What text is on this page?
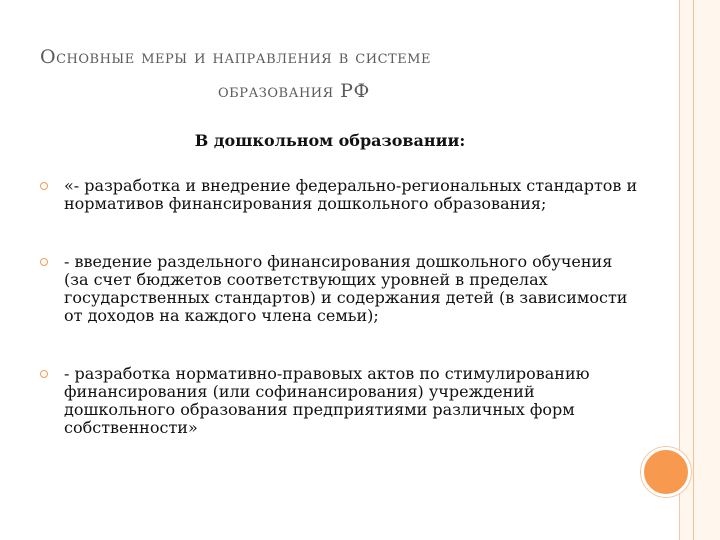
Основные меры и направления в системе
образования РФ
В дошкольном образовании:
«- разработка и внедрение федерально-региональных стандартов и нормативов финансирования дошкольного образования;
- введение раздельного финансирования дошкольного обучения (за счет бюджетов соответствующих уровней в пределах государственных стандартов) и содержания детей (в зависимости от доходов на каждого члена семьи);
- разработка нормативно-правовых актов по стимулированию финансирования (или софинансирования) учреждений дошкольного образования предприятиями различных форм собственности»
